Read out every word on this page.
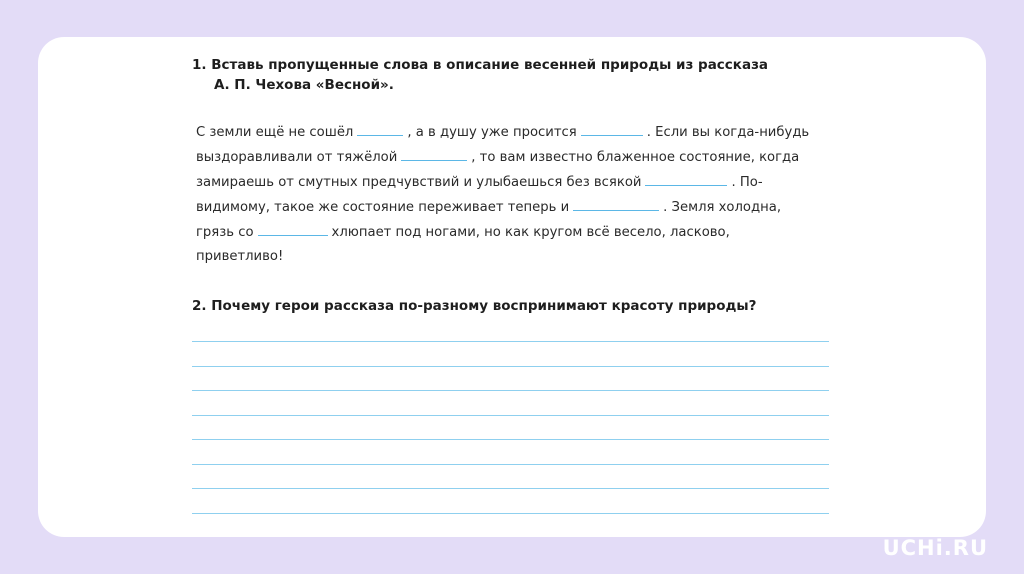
1. Вставь пропущенные слова в описание весенней природы из рассказа
А. П. Чехова «Весной».
С земли ещё не сошёл	, а в душу уже просится	. Если вы когда-нибудь
выздоравливали от тяжёлой	, то вам известно блаженное состояние, когда
замираешь от смутных предчувствий и улыбаешься без всякой	. По-
видимому, такое же состояние переживает теперь и	. Земля холодна,
грязь со	хлюпает под ногами, но как кругом всё весело, ласково,
приветливо!
2. Почему герои рассказа по-разному воспринимают красоту природы?
UCHi.RU
